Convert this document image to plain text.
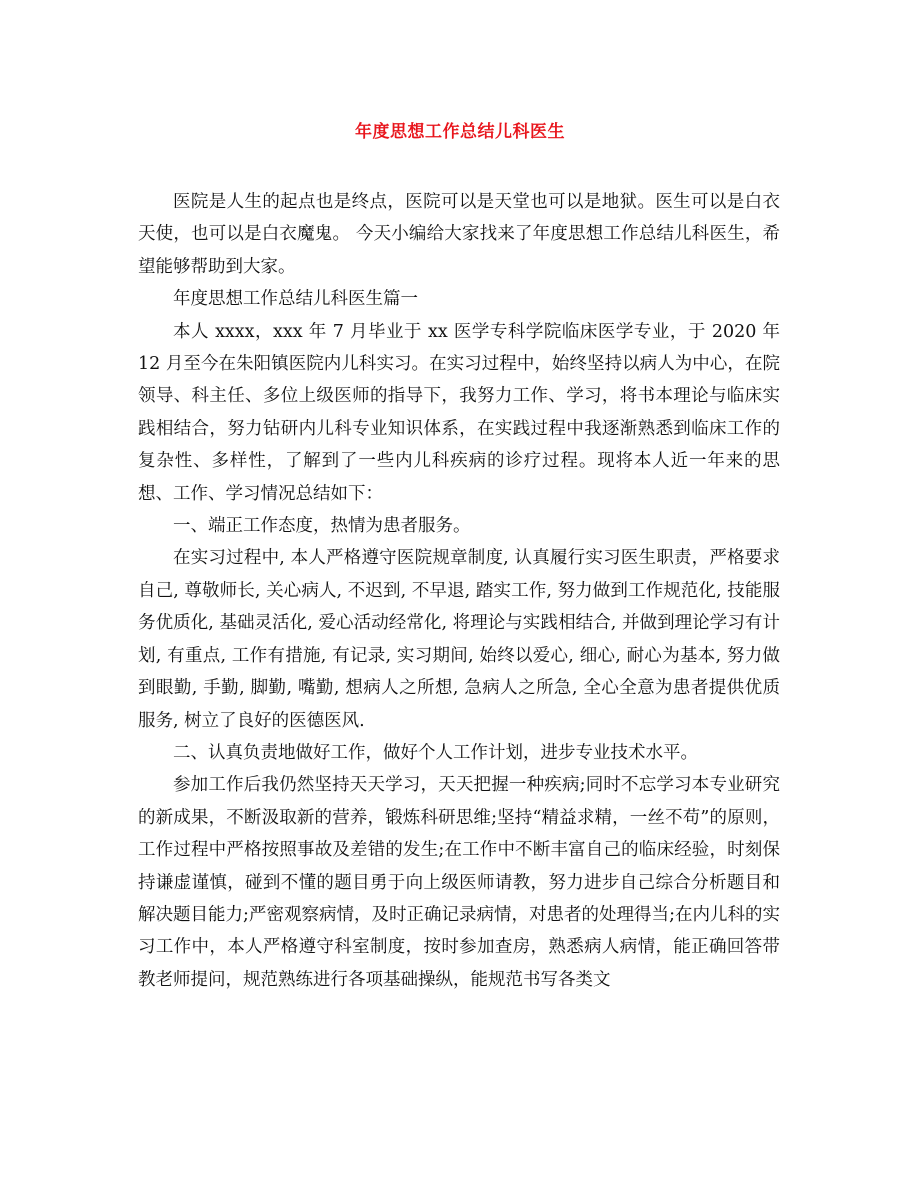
年度思想工作总结儿科医生

医院是人生的起点也是终点，医院可以是天堂也可以是地狱。医生可以是白衣天使，也可以是白衣魔鬼。 今天小编给大家找来了年度思想工作总结儿科医生，希望能够帮助到大家。

年度思想工作总结儿科医生篇一

本人 xxxx，xxx 年 7 月毕业于 xx 医学专科学院临床医学专业，于 2020 年 12 月至今在朱阳镇医院内儿科实习。在实习过程中，始终坚持以病人为中心，在院领导、科主任、多位上级医师的指导下，我努力工作、学习，将书本理论与临床实践相结合，努力钻研内儿科专业知识体系，在实践过程中我逐渐熟悉到临床工作的复杂性、多样性，了解到了一些内儿科疾病的诊疗过程。现将本人近一年来的思想、工作、学习情况总结如下：

一、端正工作态度，热情为患者服务。

在实习过程中, 本人严格遵守医院规章制度, 认真履行实习医生职责，严格要求自己, 尊敬师长, 关心病人, 不迟到, 不早退, 踏实工作, 努力做到工作规范化, 技能服务优质化, 基础灵活化, 爱心活动经常化, 将理论与实践相结合, 并做到理论学习有计划, 有重点, 工作有措施, 有记录, 实习期间, 始终以爱心, 细心, 耐心为基本, 努力做到眼勤, 手勤, 脚勤, 嘴勤, 想病人之所想, 急病人之所急, 全心全意为患者提供优质服务, 树立了良好的医德医风.

二、认真负责地做好工作，做好个人工作计划，进步专业技术水平。

参加工作后我仍然坚持天天学习，天天把握一种疾病;同时不忘学习本专业研究的新成果，不断汲取新的营养，锻炼科研思维;坚持“精益求精，一丝不苟”的原则，工作过程中严格按照事故及差错的发生;在工作中不断丰富自己的临床经验，时刻保持谦虚谨慎，碰到不懂的题目勇于向上级医师请教，努力进步自己综合分析题目和解决题目能力;严密观察病情，及时正确记录病情，对患者的处理得当;在内儿科的实习工作中，本人严格遵守科室制度，按时参加查房，熟悉病人病情，能正确回答带教老师提问，规范熟练进行各项基础操纵，能规范书写各类文
